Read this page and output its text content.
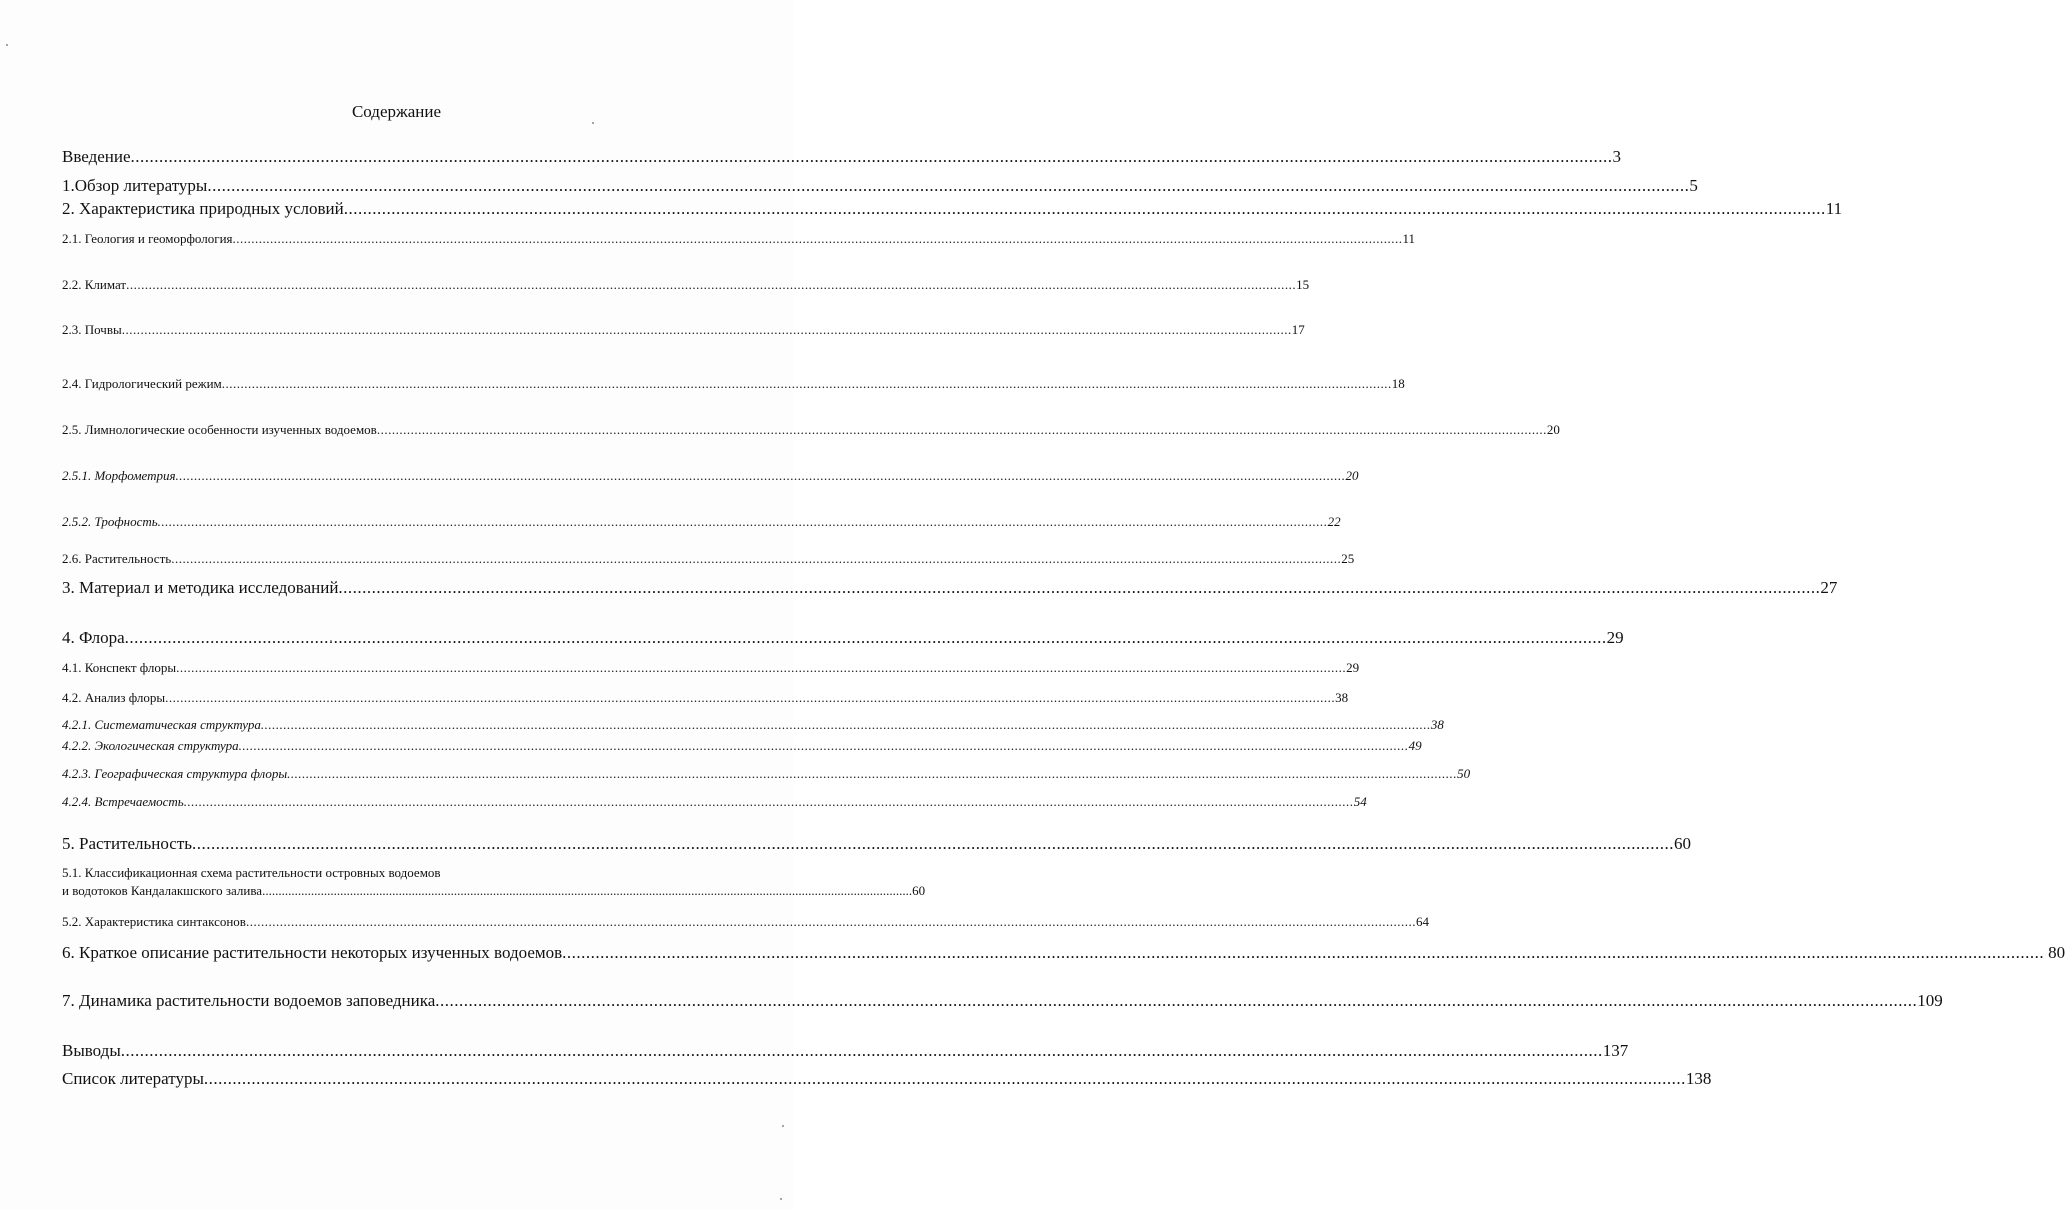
Содержание
Введение .....	3
1.Обзор литературы .....	5
2. Характеристика природных условий .....	11
2.1. Геология и геоморфология .....	11
2.2. Климат .....	15
2.3. Почвы .....	17
2.4. Гидрологический режим .....	18
2.5. Лимнологические особенности изученных водоемов .....	20
2.5.1. Морфометрия .....	20
2.5.2. Трофность .....	22
2.6. Растительность .....	25
3. Материал и методика исследований .....	27
4. Флора .....	29
4.1. Конспект флоры .....	29
4.2. Анализ флоры .....	38
4.2.1. Систематическая структура .....	38
4.2.2. Экологическая структура .....	49
4.2.3. Географическая структура флоры .....	50
4.2.4. Встречаемость .....	54
5. Растительность .....	60
5.1. Классификационная схема растительности островных водоемов
и водотоков Кандалакшского залива ........................................................................................................................................................................................................ 60
5.2. Характеристика синтаксонов .....	64
6. Краткое описание растительности некоторых изученных водоемов .....	80
7. Динамика растительности водоемов заповедника .....	109
Выводы .....	137
Список литературы .....	138
